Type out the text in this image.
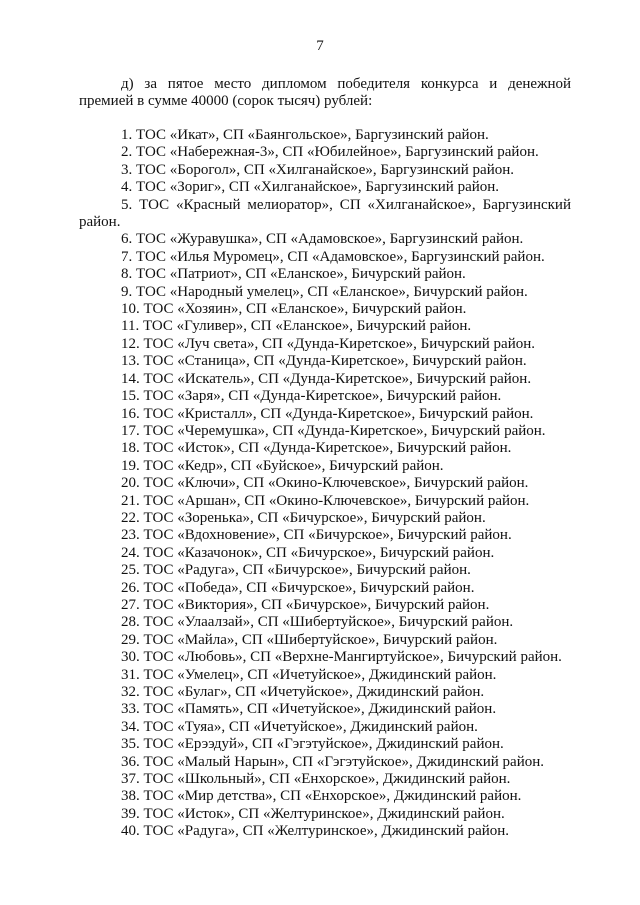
7
д) за пятое место дипломом победителя конкурса и денежной
премией в сумме 40000 (сорок тысяч) рублей:
1. ТОС «Икат», СП «Баянгольское», Баргузинский район.
2. ТОС «Набережная-3», СП «Юбилейное», Баргузинский район.
3. ТОС «Борогол», СП «Хилганайское», Баргузинский район.
4. ТОС «Зориг», СП «Хилганайское», Баргузинский район.
5. ТОС «Красный мелиоратор», СП «Хилганайское», Баргузинский район.
6. ТОС «Журавушка», СП «Адамовское», Баргузинский район.
7. ТОС «Илья Муромец», СП «Адамовское», Баргузинский район.
8. ТОС «Патриот», СП «Еланское», Бичурский район.
9. ТОС «Народный умелец», СП «Еланское», Бичурский район.
10. ТОС «Хозяин», СП «Еланское», Бичурский район.
11. ТОС «Гуливер», СП «Еланское», Бичурский район.
12. ТОС «Луч света», СП «Дунда-Киретское», Бичурский район.
13. ТОС «Станица», СП «Дунда-Киретское», Бичурский район.
14. ТОС «Искатель», СП «Дунда-Киретское», Бичурский район.
15. ТОС «Заря», СП «Дунда-Киретское», Бичурский район.
16. ТОС «Кристалл», СП «Дунда-Киретское», Бичурский район.
17. ТОС «Черемушка», СП «Дунда-Киретское», Бичурский район.
18. ТОС «Исток», СП «Дунда-Киретское», Бичурский район.
19. ТОС «Кедр», СП «Буйское», Бичурский район.
20. ТОС «Ключи», СП «Окино-Ключевское», Бичурский район.
21. ТОС «Аршан», СП «Окино-Ключевское», Бичурский район.
22. ТОС «Зоренька», СП «Бичурское», Бичурский район.
23. ТОС «Вдохновение», СП «Бичурское», Бичурский район.
24. ТОС «Казачонок», СП «Бичурское», Бичурский район.
25. ТОС «Радуга», СП «Бичурское», Бичурский район.
26. ТОС «Победа», СП «Бичурское», Бичурский район.
27. ТОС «Виктория», СП «Бичурское», Бичурский район.
28. ТОС «Улаалзай», СП «Шибертуйское», Бичурский район.
29. ТОС «Майла», СП «Шибертуйское», Бичурский район.
30. ТОС «Любовь», СП «Верхне-Мангиртуйское», Бичурский район.
31. ТОС «Умелец», СП «Ичетуйское», Джидинский район.
32. ТОС «Булаг», СП «Ичетуйское», Джидинский район.
33. ТОС «Память», СП «Ичетуйское», Джидинский район.
34. ТОС «Туяа», СП «Ичетуйское», Джидинский район.
35. ТОС «Ерээдуй», СП «Гэгэтуйское», Джидинский район.
36. ТОС «Малый Нарын», СП «Гэгэтуйское», Джидинский район.
37. ТОС «Школьный», СП «Енхорское», Джидинский район.
38. ТОС «Мир детства», СП «Енхорское», Джидинский район.
39. ТОС «Исток», СП «Желтуринское», Джидинский район.
40. ТОС «Радуга», СП «Желтуринское», Джидинский район.
